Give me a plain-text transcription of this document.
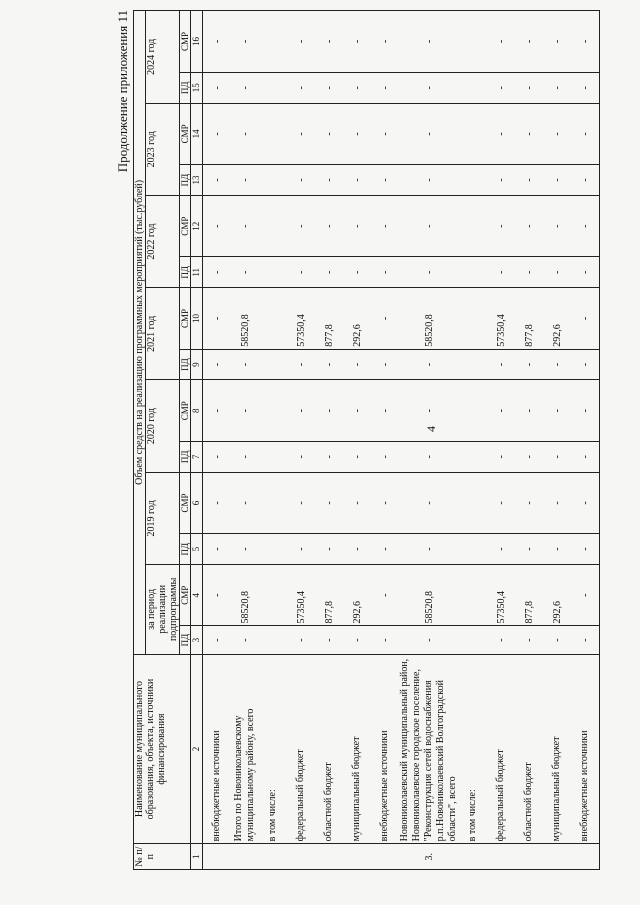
4
Продолжение приложения 11
№ п/п	Наименование муниципального образования, объекта, источники финансирования	Объем средств на реализацию программных мероприятий (тыс.рублей)													
		за период реализации подпрограммы		2019 год		2020 год		2021 год		2022 год		2023 год		2024 год	
		ПД	СМР	ПД	СМР	ПД	СМР	ПД	СМР	ПД	СМР	ПД	СМР	ПД	СМР
1	2	3	4	5	6	7	8	9	10	11	12	13	14	15	16
	внебюджетные источники	-	-	-	-	-	-	-	-	-	-	-	-	-	-
	Итого по Новониколаевскому муниципальному району, всего	-	58520,8	-	-	-	-	-	58520,8	-	-	-	-	-	-
	в том числе:														
	федеральный бюджет	-	57350,4	-	-	-	-	-	57350,4	-	-	-	-	-	-
	областной бюджет	-	877,8	-	-	-	-	-	877,8	-	-	-	-	-	-
	муниципальный бюджет	-	292,6	-	-	-	-	-	292,6	-	-	-	-	-	-
	внебюджетные источники	-	-	-	-	-	-	-	-	-	-	-	-	-	-
3.	Новониколаевский муниципальный район, Новониколаевское городское поселение, "Реконструкция сетей водоснабжения р.п.Новониколаевский Волгоградской области", всего	-	58520,8	-	-	-	-	-	58520,8	-	-	-	-	-	-
	в том числе:														
	федеральный бюджет	-	57350,4	-	-	-	-	-	57350,4	-	-	-	-	-	-
	областной бюджет	-	877,8	-	-	-	-	-	877,8	-	-	-	-	-	-
	муниципальный бюджет	-	292,6	-	-	-	-	-	292,6	-	-	-	-	-	-
	внебюджетные источники	-	-	-	-	-	-	-	-	-	-	-	-	-	-
